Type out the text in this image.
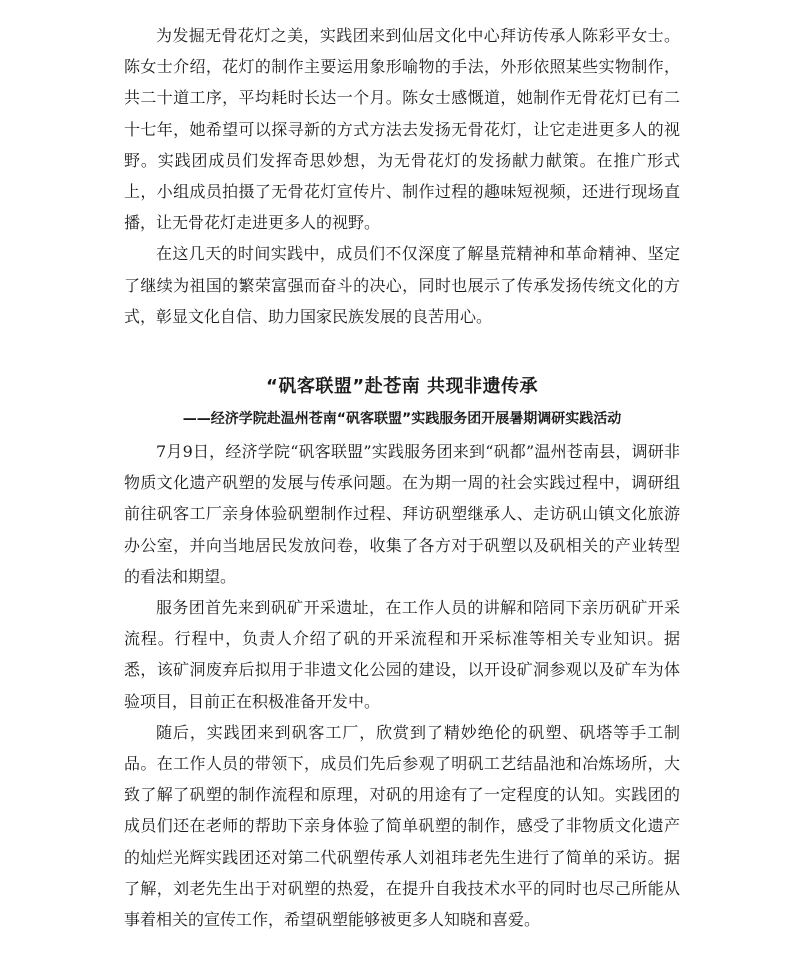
为发掘无骨花灯之美，实践团来到仙居文化中心拜访传承人陈彩平女士。陈女士介绍，花灯的制作主要运用象形喻物的手法，外形依照某些实物制作，共二十道工序，平均耗时长达一个月。陈女士感慨道，她制作无骨花灯已有二十七年，她希望可以探寻新的方式方法去发扬无骨花灯，让它走进更多人的视野。实践团成员们发挥奇思妙想，为无骨花灯的发扬献力献策。在推广形式上，小组成员拍摄了无骨花灯宣传片、制作过程的趣味短视频，还进行现场直播，让无骨花灯走进更多人的视野。

在这几天的时间实践中，成员们不仅深度了解垦荒精神和革命精神、坚定了继续为祖国的繁荣富强而奋斗的决心，同时也展示了传承发扬传统文化的方式，彰显文化自信、助力国家民族发展的良苦用心。

“矾客联盟”赴苍南 共现非遗传承
——经济学院赴温州苍南“矾客联盟”实践服务团开展暑期调研实践活动

7月9日，经济学院“矾客联盟”实践服务团来到“矾都”温州苍南县，调研非物质文化遗产矾塑的发展与传承问题。在为期一周的社会实践过程中，调研组前往矾客工厂亲身体验矾塑制作过程、拜访矾塑继承人、走访矾山镇文化旅游办公室，并向当地居民发放问卷，收集了各方对于矾塑以及矾相关的产业转型的看法和期望。

服务团首先来到矾矿开采遗址，在工作人员的讲解和陪同下亲历矾矿开采流程。行程中，负责人介绍了矾的开采流程和开采标准等相关专业知识。据悉，该矿洞废弃后拟用于非遗文化公园的建设，以开设矿洞参观以及矿车为体验项目，目前正在积极准备开发中。

随后，实践团来到矾客工厂，欣赏到了精妙绝伦的矾塑、矾塔等手工制品。在工作人员的带领下，成员们先后参观了明矾工艺结晶池和冶炼场所，大致了解了矾塑的制作流程和原理，对矾的用途有了一定程度的认知。实践团的成员们还在老师的帮助下亲身体验了简单矾塑的制作，感受了非物质文化遗产的灿烂光辉实践团还对第二代矾塑传承人刘祖玮老先生进行了简单的采访。据了解，刘老先生出于对矾塑的热爱，在提升自我技术水平的同时也尽己所能从事着相关的宣传工作，希望矾塑能够被更多人知晓和喜爱。
